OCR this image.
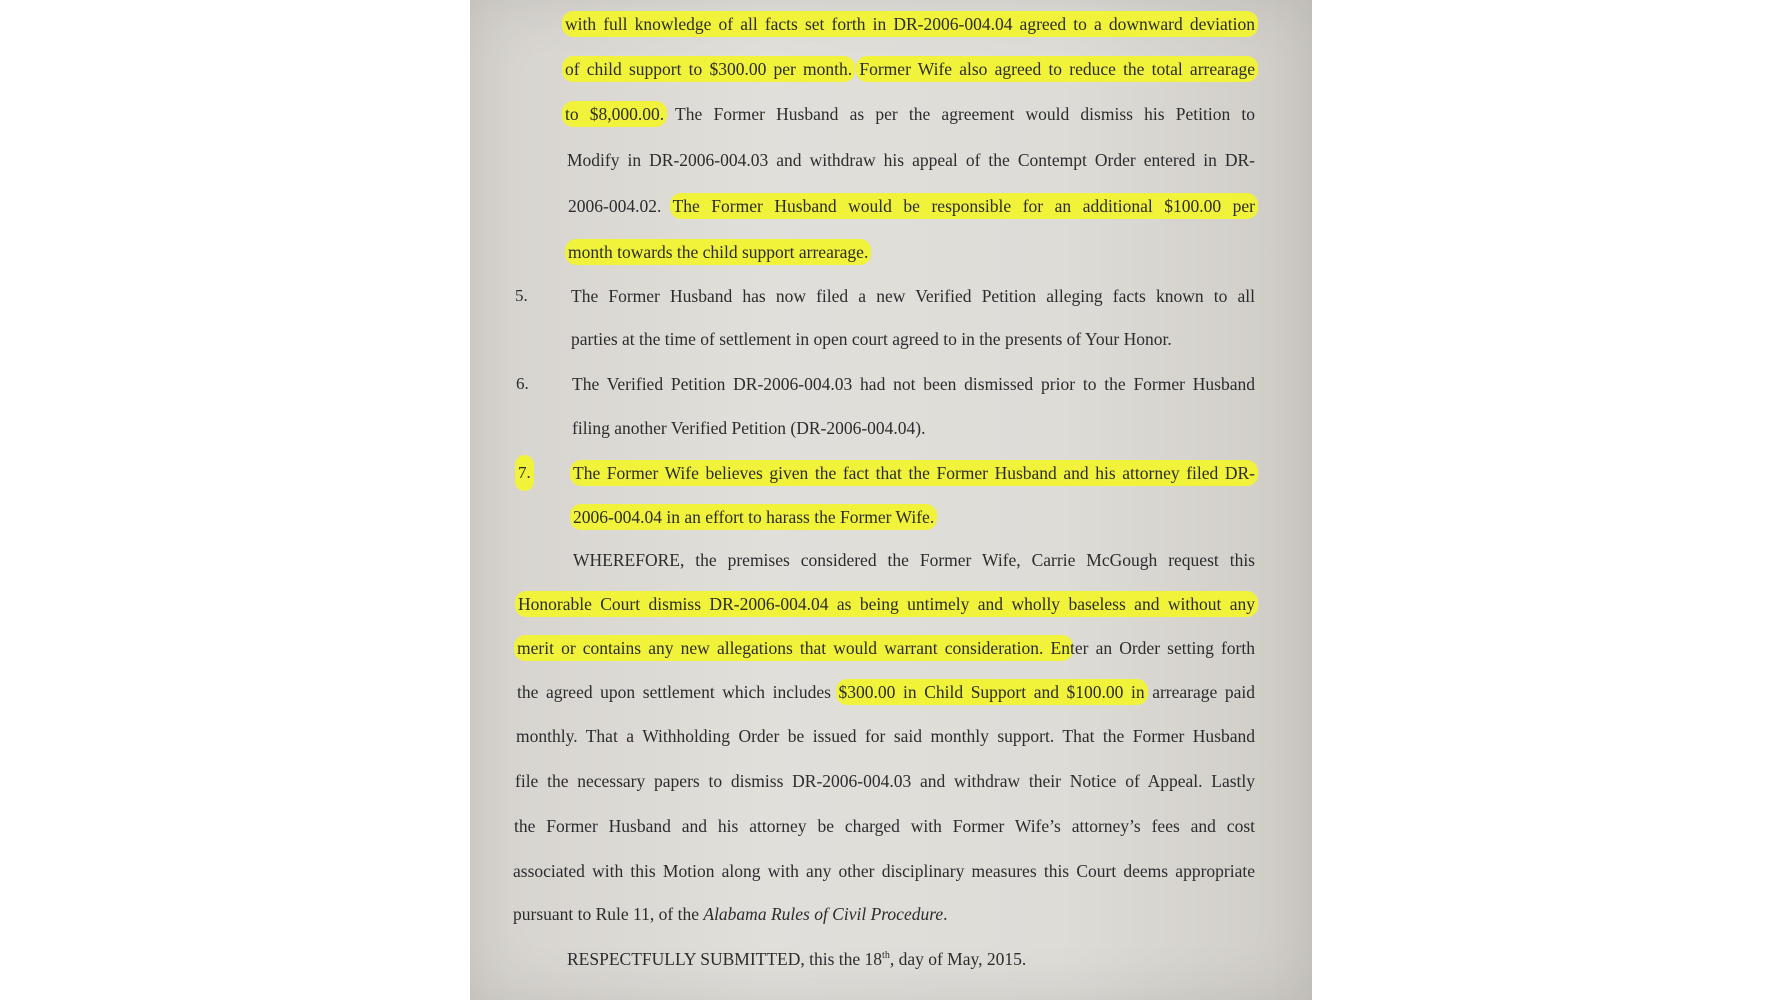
with full knowledge of all facts set forth in DR-2006-004.04 agreed to a downward deviation
of child support to $300.00 per month. Former Wife also agreed to reduce the total arrearage
to $8,000.00. The Former Husband as per the agreement would dismiss his Petition to
Modify in DR-2006-004.03 and withdraw his appeal of the Contempt Order entered in DR-
2006-004.02. The Former Husband would be responsible for an additional $100.00 per
month towards the child support arrearage.
5. The Former Husband has now filed a new Verified Petition alleging facts known to all
parties at the time of settlement in open court agreed to in the presents of Your Honor.
6. The Verified Petition DR-2006-004.03 had not been dismissed prior to the Former Husband
filing another Verified Petition (DR-2006-004.04).
7. The Former Wife believes given the fact that the Former Husband and his attorney filed DR-
2006-004.04 in an effort to harass the Former Wife.
WHEREFORE, the premises considered the Former Wife, Carrie McGough request this
Honorable Court dismiss DR-2006-004.04 as being untimely and wholly baseless and without any
merit or contains any new allegations that would warrant consideration. Enter an Order setting forth
the agreed upon settlement which includes $300.00 in Child Support and $100.00 in arrearage paid
monthly. That a Withholding Order be issued for said monthly support. That the Former Husband
file the necessary papers to dismiss DR-2006-004.03 and withdraw their Notice of Appeal. Lastly
the Former Husband and his attorney be charged with Former Wife’s attorney’s fees and cost
associated with this Motion along with any other disciplinary measures this Court deems appropriate
pursuant to Rule 11, of the Alabama Rules of Civil Procedure.
RESPECTFULLY SUBMITTED, this the 18th, day of May, 2015.
